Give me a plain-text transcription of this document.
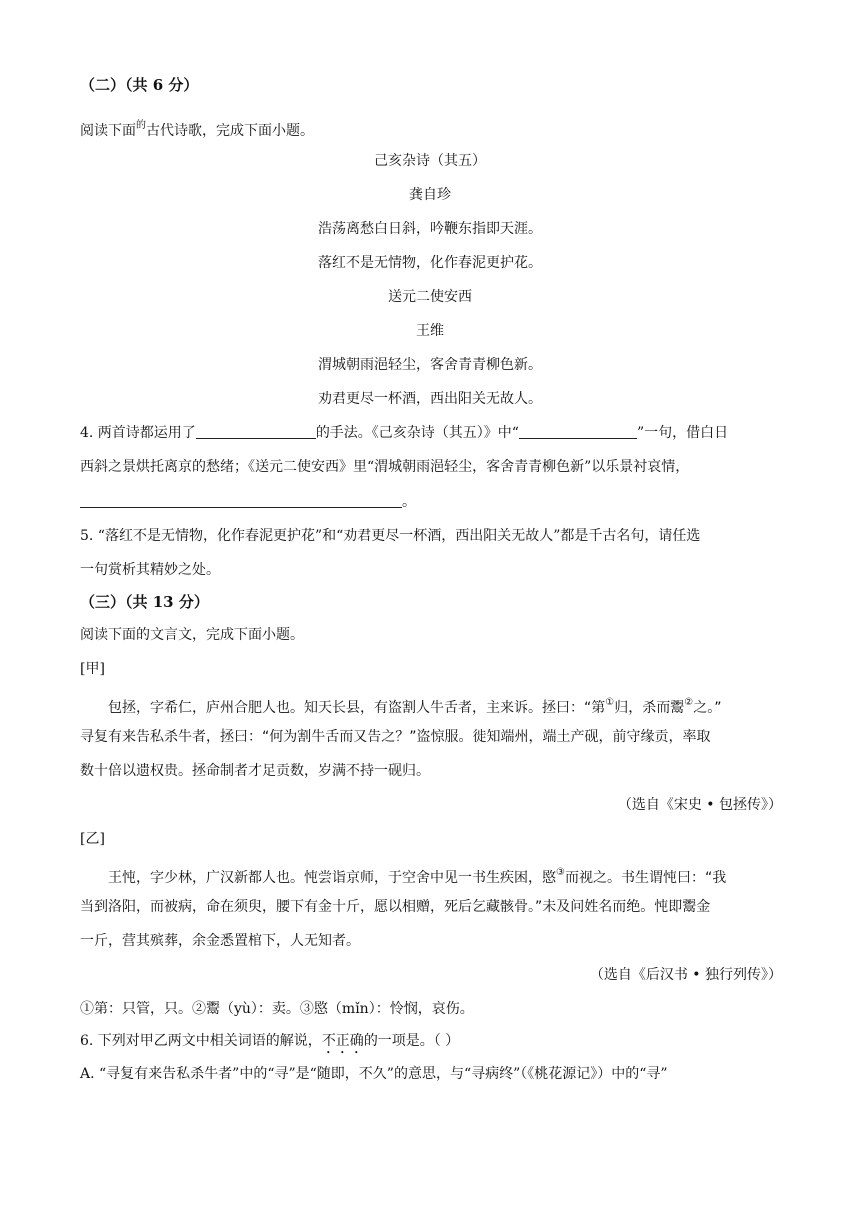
（二）（共 6 分）
阅读下面$^的$古代诗歌，完成下面小题。
己亥杂诗（其五）
龚自珍
浩荡离愁白日斜，吟鞭东指即天涯。
落红不是无情物，化作春泥更护花。
送元二使安西
王维
渭城朝雨浥轻尘，客舍青青柳色新。
劝君更尽一杯酒，西出阳关无故人。
4. 两首诗都运用了	的手法。《己亥杂诗（其五）》中“	”一句，借白日
西斜之景烘托离京的愁绪；《送元二使安西》里“渭城朝雨浥轻尘，客舍青青柳色新”以乐景衬哀情，
。
5. “落红不是无情物，化作春泥更护花”和“劝君更尽一杯酒，西出阳关无故人”都是千古名句，请任选
一句赏析其精妙之处。
（三）（共 13 分）
阅读下面的文言文，完成下面小题。
[甲]
包拯，字希仁，庐州合肥人也。知天长县，有盗割人牛舌者，主来诉。拯曰：“第①归，杀而鬻②之。”
寻复有来告私杀牛者，拯曰：“何为割牛舌而又告之？”盗惊服。徙知端州，端土产砚，前守缘贡，率取
数十倍以遗权贵。拯命制者才足贡数，岁满不持一砚归。
（选自《宋史 • 包拯传》）
[乙]
王忳，字少林，广汉新都人也。忳尝诣京师，于空舍中见一书生疾困，愍③而视之。书生谓忳曰：“我
当到洛阳，而被病，命在须臾，腰下有金十斤，愿以相赠，死后乞藏骸骨。”未及问姓名而绝。忳即鬻金
一斤，营其殡葬，余金悉置棺下，人无知者。
（选自《后汉书 • 独行列传》）
①第：只管，只。②鬻（yù）：卖。③愍（mǐn）：怜悯，哀伤。
6. 下列对甲乙两文中相关词语的解说，不正确的一项是。（ ）
A. “寻复有来告私杀牛者”中的“寻”是“随即，不久”的意思，与“寻病终”（《桃花源记》）中的“寻”
